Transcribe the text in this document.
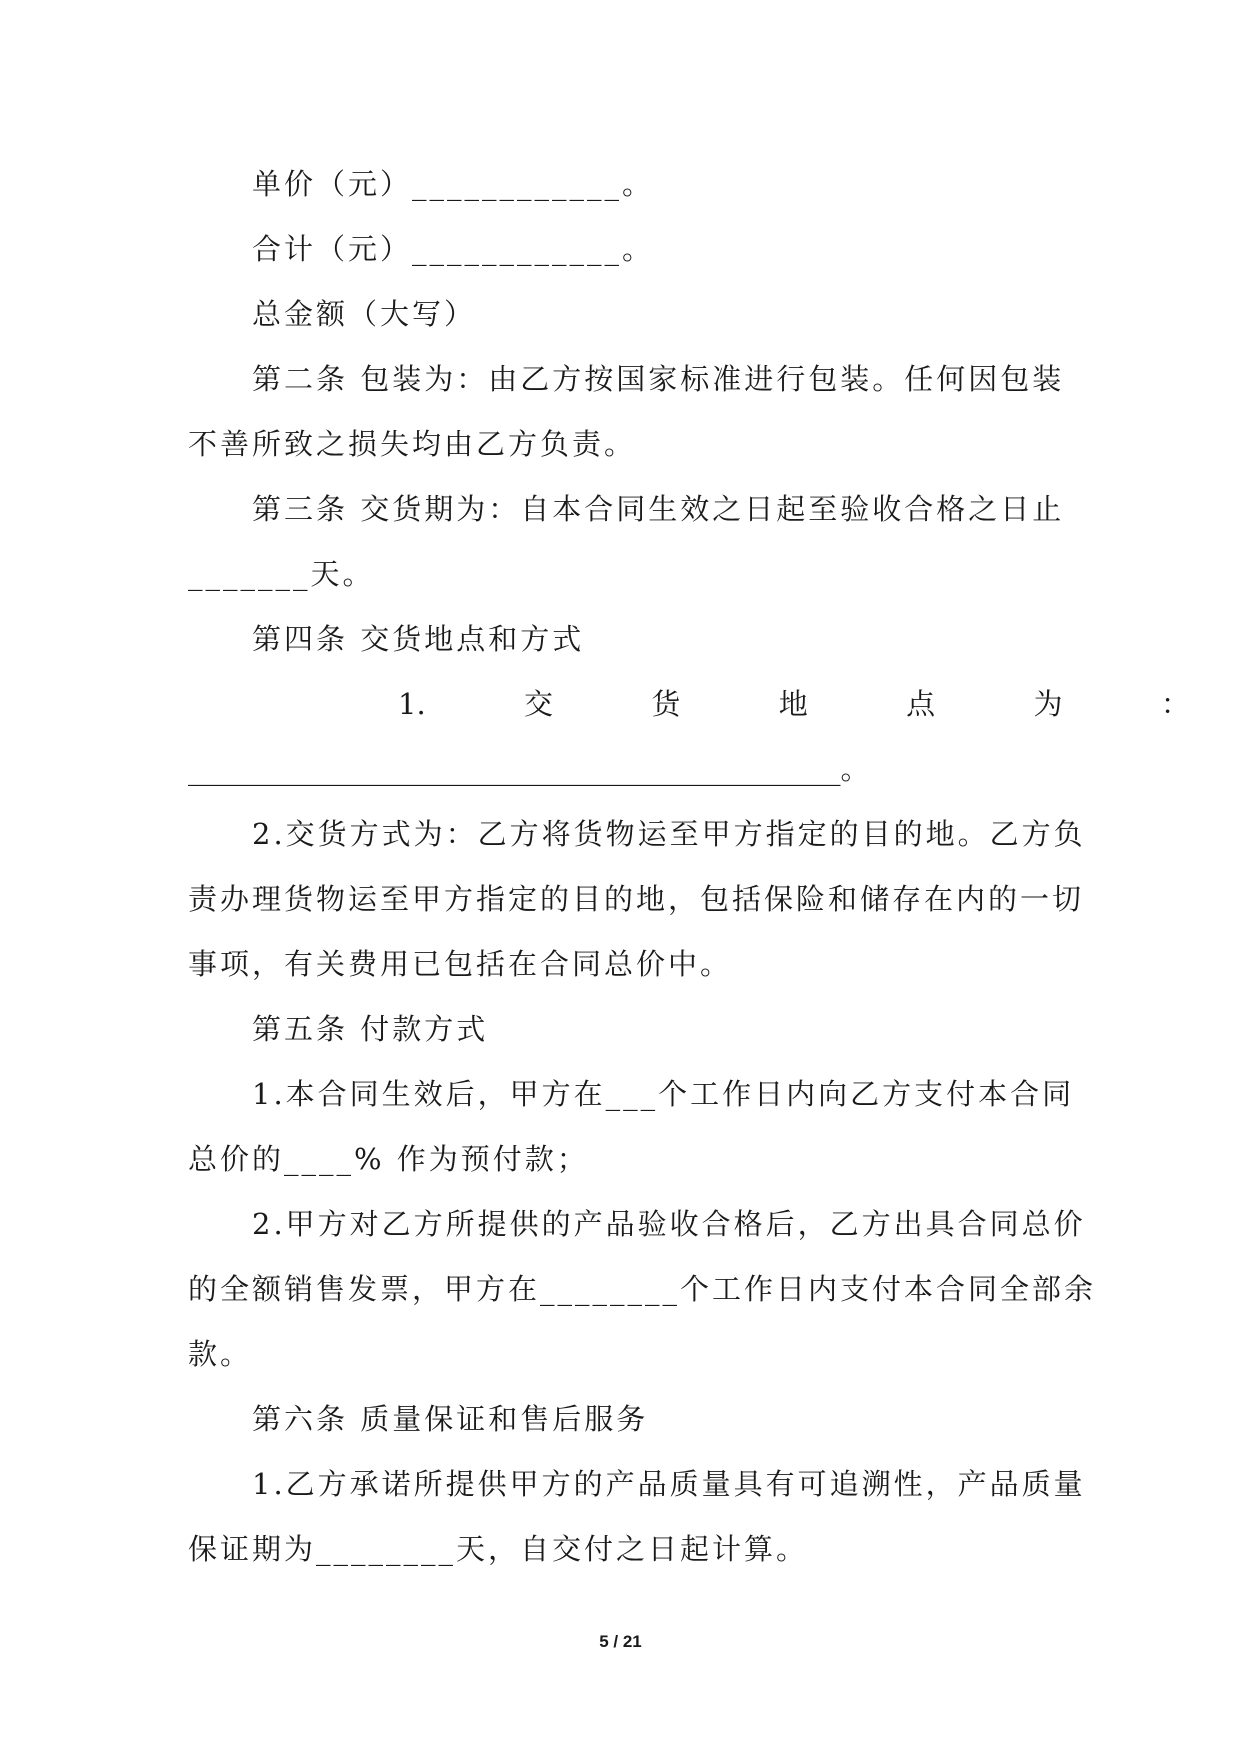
单价（元）____________。
合计（元）____________。
总金额（大写）
第二条 包装为：由乙方按国家标准进行包装。任何因包装
不善所致之损失均由乙方负责。
第三条 交货期为：自本合同生效之日起至验收合格之日止
_______天。
第四条 交货地点和方式
1.	交	货	地	点	为	：
_____________________________________________。
2.交货方式为：乙方将货物运至甲方指定的目的地。乙方负
责办理货物运至甲方指定的目的地，包括保险和储存在内的一切
事项，有关费用已包括在合同总价中。
第五条 付款方式
1.本合同生效后，甲方在___个工作日内向乙方支付本合同
总价的____% 作为预付款；
2.甲方对乙方所提供的产品验收合格后，乙方出具合同总价
的全额销售发票，甲方在________个工作日内支付本合同全部余
款。
第六条 质量保证和售后服务
1.乙方承诺所提供甲方的产品质量具有可追溯性，产品质量
保证期为________天，自交付之日起计算。
5 / 21
